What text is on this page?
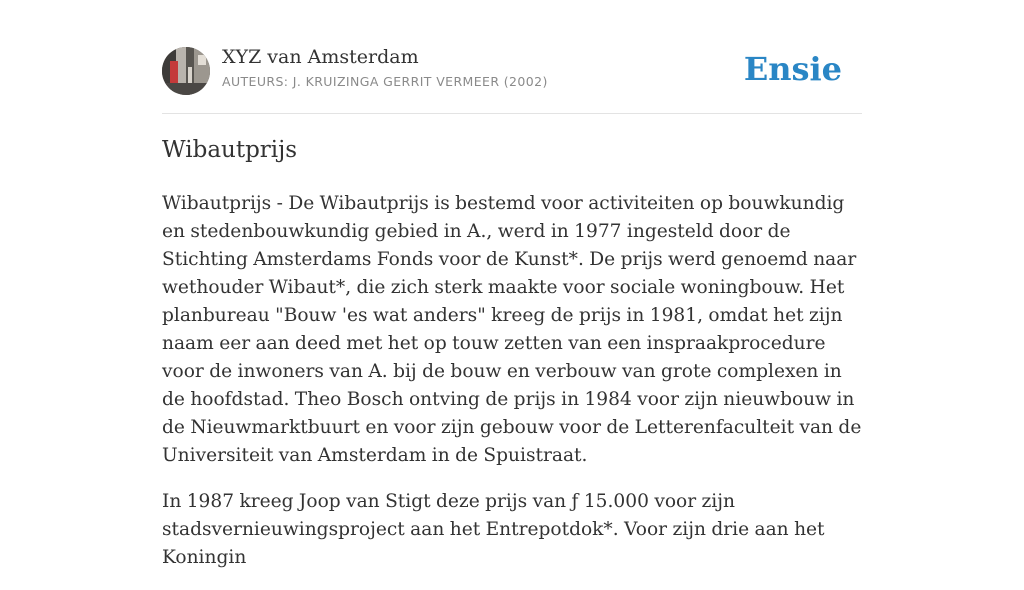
XYZ van Amsterdam
AUTEURS: J. KRUIZINGA GERRIT VERMEER (2002)	Ensie
Wibautprijs

Wibautprijs - De Wibautprijs is bestemd voor activiteiten op bouwkundig en stedenbouwkundig gebied in A., werd in 1977 ingesteld door de Stichting Amsterdams Fonds voor de Kunst*. De prijs werd genoemd naar wethouder Wibaut*, die zich sterk maakte voor sociale woningbouw. Het planbureau "Bouw 'es wat anders" kreeg de prijs in 1981, omdat het zijn naam eer aan deed met het op touw zetten van een inspraakprocedure voor de inwoners van A. bij de bouw en verbouw van grote complexen in de hoofdstad. Theo Bosch ontving de prijs in 1984 voor zijn nieuwbouw in de Nieuwmarktbuurt en voor zijn gebouw voor de Letterenfaculteit van de Universiteit van Amsterdam in de Spuistraat.

In 1987 kreeg Joop van Stigt deze prijs van ƒ 15.000 voor zijn stadsvernieuwingsproject aan het Entrepotdok*. Voor zijn drie aan het Koningin
